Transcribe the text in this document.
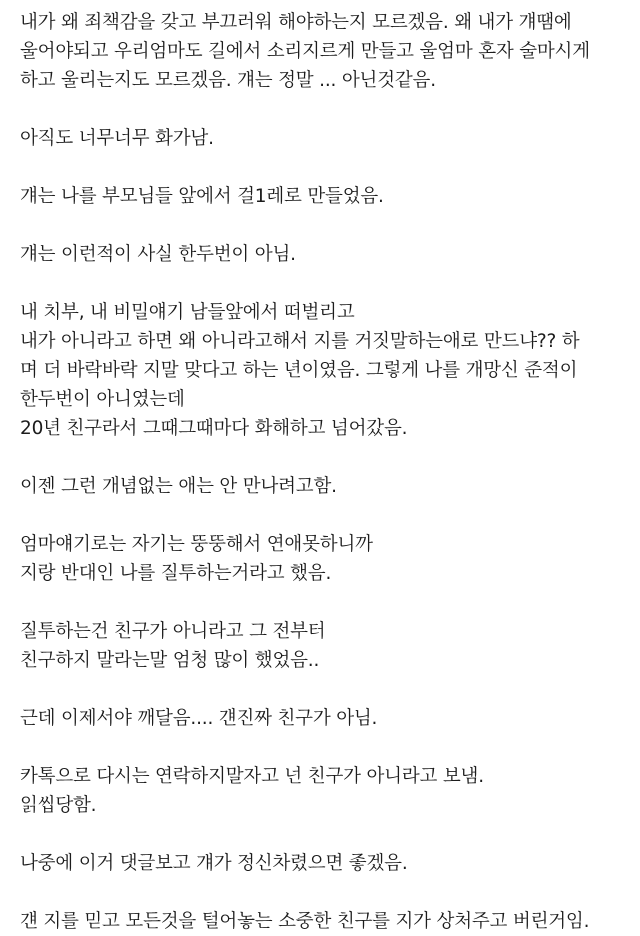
내가 왜 죄책감을 갖고 부끄러워 해야하는지 모르겠음. 왜 내가 걔땜에
울어야되고 우리엄마도 길에서 소리지르게 만들고 울엄마 혼자 술마시게
하고 울리는지도 모르겠음. 걔는 정말 ... 아닌것같음.
아직도 너무너무 화가남.
걔는 나를 부모님들 앞에서 걸1레로 만들었음.
걔는 이런적이 사실 한두번이 아님.
내 치부, 내 비밀얘기 남들앞에서 떠벌리고
내가 아니라고 하면 왜 아니라고해서 지를 거짓말하는애로 만드냐?? 하
며 더 바락바락 지말 맞다고 하는 년이였음. 그렇게 나를 개망신 준적이
한두번이 아니였는데
20년 친구라서 그때그때마다 화해하고 넘어갔음.
이젠 그런 개념없는 애는 안 만나려고함.
엄마얘기로는 자기는 뚱뚱해서 연애못하니까
지랑 반대인 나를 질투하는거라고 했음.
질투하는건 친구가 아니라고 그 전부터
친구하지 말라는말 엄청 많이 했었음..
근데 이제서야 깨달음.... 걘진짜 친구가 아님.
카톡으로 다시는 연락하지말자고 넌 친구가 아니라고 보냄.
읽씹당함.
나중에 이거 댓글보고 걔가 정신차렸으면 좋겠음.
걘 지를 믿고 모든것을 털어놓는 소중한 친구를 지가 상처주고 버린거임.
